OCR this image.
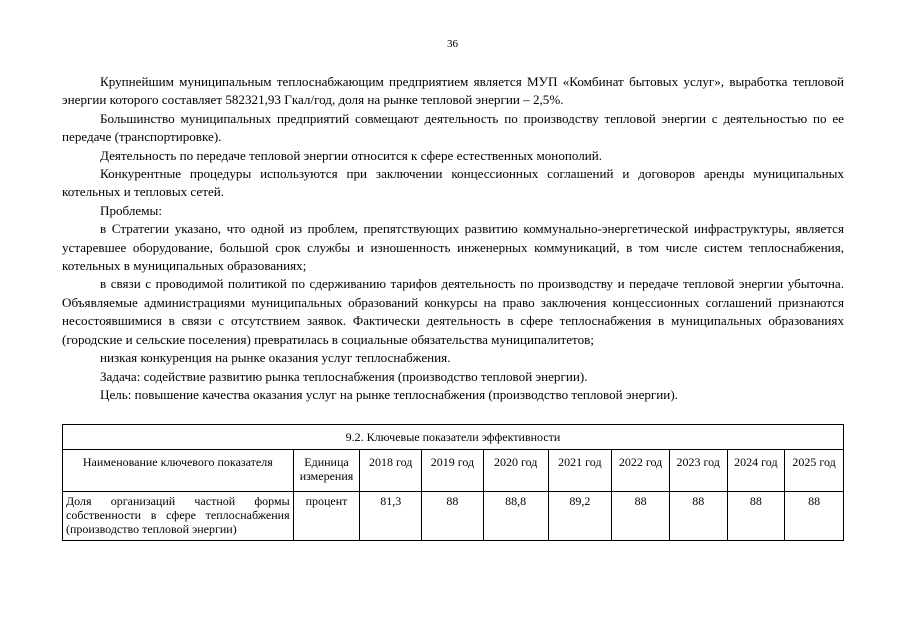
36

Крупнейшим муниципальным теплоснабжающим предприятием является МУП «Комбинат бытовых услуг», выработка тепловой энергии которого составляет 582321,93 Гкал/год, доля на рынке тепловой энергии – 2,5%.

Большинство муниципальных предприятий совмещают деятельность по производству тепловой энергии с деятельностью по ее передаче (транспортировке).

Деятельность по передаче тепловой энергии относится к сфере естественных монополий.

Конкурентные процедуры используются при заключении концессионных соглашений и договоров аренды муниципальных котельных и тепловых сетей.

Проблемы:

в Стратегии указано, что одной из проблем, препятствующих развитию коммунально-энергетической инфраструктуры, является устаревшее оборудование, большой срок службы и изношенность инженерных коммуникаций, в том числе систем теплоснабжения, котельных в муниципальных образованиях;

в связи с проводимой политикой по сдерживанию тарифов деятельность по производству и передаче тепловой энергии убыточна. Объявляемые администрациями муниципальных образований конкурсы на право заключения концессионных соглашений признаются несостоявшимися в связи с отсутствием заявок. Фактически деятельность в сфере теплоснабжения в муниципальных образованиях (городские и сельские поселения) превратилась в социальные обязательства муниципалитетов;

низкая конкуренция на рынке оказания услуг теплоснабжения.

Задача: содействие развитию рынка теплоснабжения (производство тепловой энергии).

Цель: повышение качества оказания услуг на рынке теплоснабжения (производство тепловой энергии).

9.2. Ключевые показатели эффективности									
Наименование ключевого показателя	Единица измерения	2018 год	2019 год	2020 год	2021 год	2022 год	2023 год	2024 год	2025 год
Доля организаций частной формы собственности в сфере теплоснабжения (производство тепловой энергии)	процент	81,3	88	88,8	89,2	88	88	88	88
